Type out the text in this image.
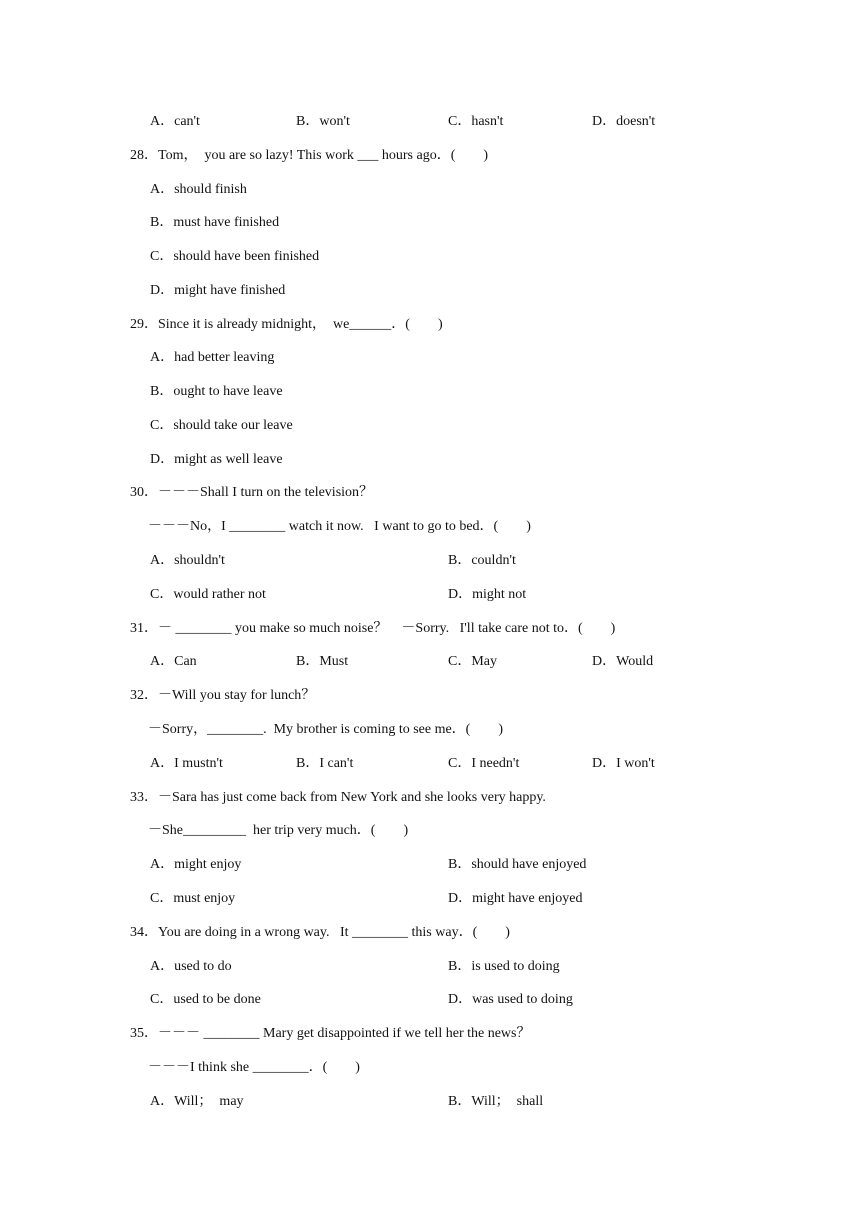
A．can't	B．won't	C．hasn't	D．doesn't
28．Tom，  you are so lazy! This work ___ hours ago．(　　)
A．should finish
B．must have finished
C．should have been finished
D．might have finished
29．Since it is already midnight，  we______．(　　)
A．had better leaving
B．ought to have leave
C．should take our leave
D．might as well leave
30．－－－Shall I turn on the television？
－－－No，I ________ watch it now.   I want to go to bed．(　　)
A．shouldn't	B．couldn't
C．would rather not	D．might not
31．－ ________ you make so much noise？    －Sorry.   I'll take care not to．(　　)
A．Can	B．Must	C．May	D．Would
32．－Will you stay for lunch？
－Sorry，________.  My brother is coming to see me．(　　)
A．I mustn't	B．I can't	C．I needn't	D．I won't
33．－Sara has just come back from New York and she looks very happy.
－She_________  her trip very much．(　　)
A．might enjoy	B．should have enjoyed
C．must enjoy	D．might have enjoyed
34．You are doing in a wrong way.   It ________ this way．(　　)
A．used to do	B．is used to doing
C．used to be done	D．was used to doing
35．－－－ ________ Mary get disappointed if we tell her the news？
－－－I think she ________．(　　)
A．Will；  may	B．Will；  shall
